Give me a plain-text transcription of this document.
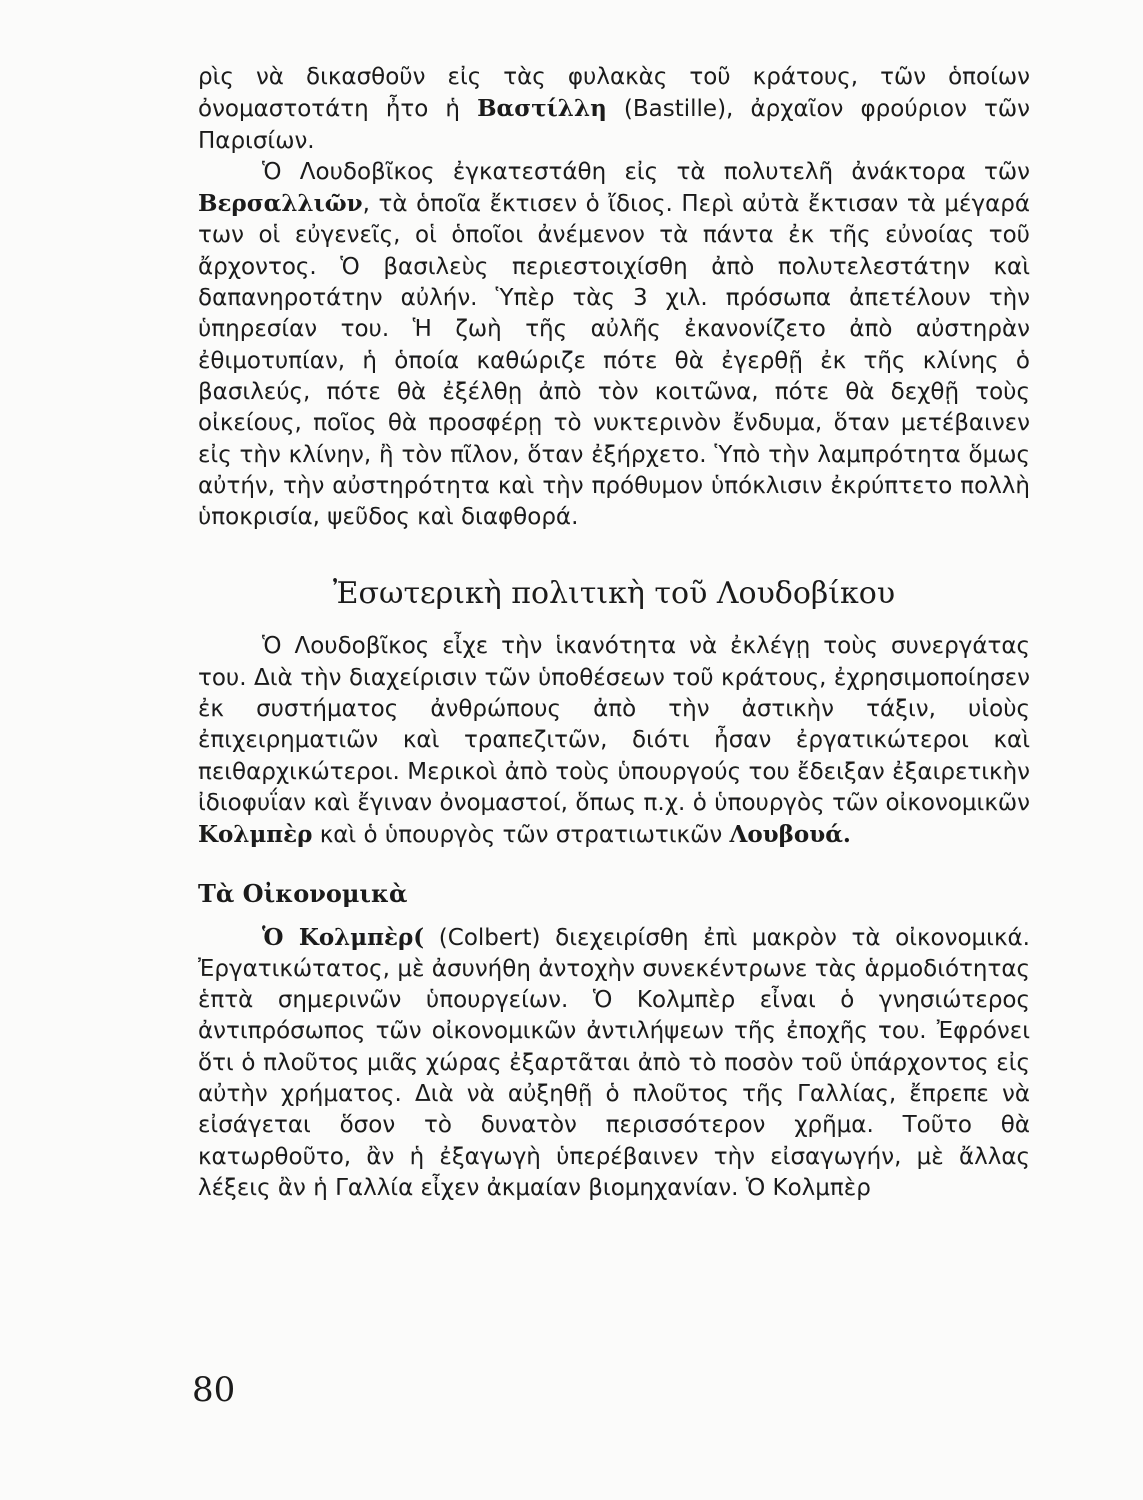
ρὶς νὰ δικασθοῦν εἰς τὰς φυλακὰς τοῦ κράτους, τῶν ὁποίων ὀνομαστοτάτη ἦτο ἡ Βαστίλλη (Bastille), ἀρχαῖον φρούριον τῶν Παρισίων.

Ὁ Λουδοβῖκος ἐγκατεστάθη εἰς τὰ πολυτελῆ ἀνάκτορα τῶν Βερσαλλιῶν, τὰ ὁποῖα ἔκτισεν ὁ ἴδιος. Περὶ αὐτὰ ἔκτισαν τὰ μέγαρά των οἱ εὐγενεῖς, οἱ ὁποῖοι ἀνέμενον τὰ πάντα ἐκ τῆς εὐνοίας τοῦ ἄρχοντος. Ὁ βασιλεὺς περιεστοιχίσθη ἀπὸ πολυτελεστάτην καὶ δαπανηροτάτην αὐλήν. Ὑπὲρ τὰς 3 χιλ. πρόσωπα ἀπετέλουν τὴν ὑπηρεσίαν του. Ἡ ζωὴ τῆς αὐλῆς ἐκανονίζετο ἀπὸ αὐστηρὰν ἐθιμοτυπίαν, ἡ ὁποία καθώριζε πότε θὰ ἐγερθῇ ἐκ τῆς κλίνης ὁ βασιλεύς, πότε θὰ ἐξέλθῃ ἀπὸ τὸν κοιτῶνα, πότε θὰ δεχθῇ τοὺς οἰκείους, ποῖος θὰ προσφέρῃ τὸ νυκτερινὸν ἔνδυμα, ὅταν μετέβαινεν εἰς τὴν κλίνην, ἢ τὸν πῖλον, ὅταν ἐξήρχετο. Ὑπὸ τὴν λαμπρότητα ὅμως αὐτήν, τὴν αὐστηρότητα καὶ τὴν πρόθυμον ὑπόκλισιν ἐκρύπτετο πολλὴ ὑποκρισία, ψεῦδος καὶ διαφθορά.

Ἐσωτερικὴ πολιτικὴ τοῦ Λουδοβίκου

Ὁ Λουδοβῖκος εἶχε τὴν ἱκανότητα νὰ ἐκλέγῃ τοὺς συνεργάτας του. Διὰ τὴν διαχείρισιν τῶν ὑποθέσεων τοῦ κράτους, ἐχρησιμοποίησεν ἐκ συστήματος ἀνθρώπους ἀπὸ τὴν ἀστικὴν τάξιν, υἱοὺς ἐπιχειρηματιῶν καὶ τραπεζιτῶν, διότι ἦσαν ἐργατικώτεροι καὶ πειθαρχικώτεροι. Μερικοὶ ἀπὸ τοὺς ὑπουργούς του ἔδειξαν ἐξαιρετικὴν ἰδιοφυΐαν καὶ ἔγιναν ὀνομαστοί, ὅπως π.χ. ὁ ὑπουργὸς τῶν οἰκονομικῶν Κολμπὲρ καὶ ὁ ὑπουργὸς τῶν στρατιωτικῶν Λουβουά.

Τὰ Οἰκονομικὰ

Ὁ Κολμπὲρ( (Colbert) διεχειρίσθη ἐπὶ μακρὸν τὰ οἰκονομικά. Ἐργατικώτατος, μὲ ἀσυνήθη ἀντοχὴν συνεκέντρωνε τὰς ἁρμοδιότητας ἑπτὰ σημερινῶν ὑπουργείων. Ὁ Κολμπὲρ εἶναι ὁ γνησιώτερος ἀντιπρόσωπος τῶν οἰκονομικῶν ἀντιλήψεων τῆς ἐποχῆς του. Ἐφρόνει ὅτι ὁ πλοῦτος μιᾶς χώρας ἐξαρτᾶται ἀπὸ τὸ ποσὸν τοῦ ὑπάρχοντος εἰς αὐτὴν χρήματος. Διὰ νὰ αὐξηθῇ ὁ πλοῦτος τῆς Γαλλίας, ἔπρεπε νὰ εἰσάγεται ὅσον τὸ δυνατὸν περισσότερον χρῆμα. Τοῦτο θὰ κατωρθοῦτο, ἂν ἡ ἐξαγωγὴ ὑπερέβαινεν τὴν εἰσαγωγήν, μὲ ἄλλας λέξεις ἂν ἡ Γαλλία εἶχεν ἀκμαίαν βιομηχανίαν. Ὁ Κολμπὲρ

80
